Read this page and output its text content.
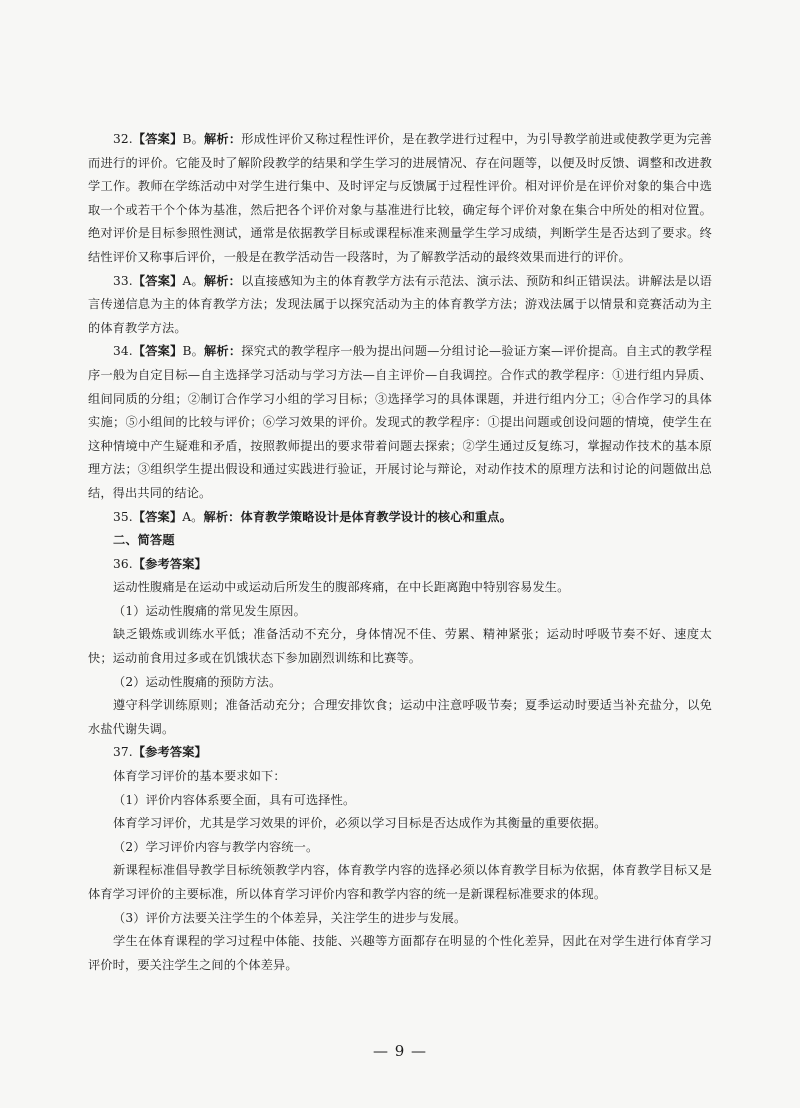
32.【答案】B。解析：形成性评价又称过程性评价，是在教学进行过程中，为引导教学前进或使教学更为完善而进行的评价。它能及时了解阶段教学的结果和学生学习的进展情况、存在问题等，以便及时反馈、调整和改进教学工作。教师在学练活动中对学生进行集中、及时评定与反馈属于过程性评价。相对评价是在评价对象的集合中选取一个或若干个个体为基准，然后把各个评价对象与基准进行比较，确定每个评价对象在集合中所处的相对位置。绝对评价是目标参照性测试，通常是依据教学目标或课程标准来测量学生学习成绩，判断学生是否达到了要求。终结性评价又称事后评价，一般是在教学活动告一段落时，为了解教学活动的最终效果而进行的评价。

33.【答案】A。解析：以直接感知为主的体育教学方法有示范法、演示法、预防和纠正错误法。讲解法是以语言传递信息为主的体育教学方法；发现法属于以探究活动为主的体育教学方法；游戏法属于以情景和竞赛活动为主的体育教学方法。

34.【答案】B。解析：探究式的教学程序一般为提出问题—分组讨论—验证方案—评价提高。自主式的教学程序一般为自定目标—自主选择学习活动与学习方法—自主评价—自我调控。合作式的教学程序：①进行组内异质、组间同质的分组；②制订合作学习小组的学习目标；③选择学习的具体课题，并进行组内分工；④合作学习的具体实施；⑤小组间的比较与评价；⑥学习效果的评价。发现式的教学程序：①提出问题或创设问题的情境，使学生在这种情境中产生疑难和矛盾，按照教师提出的要求带着问题去探索；②学生通过反复练习，掌握动作技术的基本原理方法；③组织学生提出假设和通过实践进行验证，开展讨论与辩论，对动作技术的原理方法和讨论的问题做出总结，得出共同的结论。

35.【答案】A。解析：体育教学策略设计是体育教学设计的核心和重点。

二、简答题

36.【参考答案】

运动性腹痛是在运动中或运动后所发生的腹部疼痛，在中长距离跑中特别容易发生。

（1）运动性腹痛的常见发生原因。

缺乏锻炼或训练水平低；准备活动不充分，身体情况不佳、劳累、精神紧张；运动时呼吸节奏不好、速度太快；运动前食用过多或在饥饿状态下参加剧烈训练和比赛等。

（2）运动性腹痛的预防方法。

遵守科学训练原则；准备活动充分；合理安排饮食；运动中注意呼吸节奏；夏季运动时要适当补充盐分，以免水盐代谢失调。

37.【参考答案】

体育学习评价的基本要求如下：

（1）评价内容体系要全面，具有可选择性。

体育学习评价，尤其是学习效果的评价，必须以学习目标是否达成作为其衡量的重要依据。

（2）学习评价内容与教学内容统一。

新课程标准倡导教学目标统领教学内容，体育教学内容的选择必须以体育教学目标为依据，体育教学目标又是体育学习评价的主要标准，所以体育学习评价内容和教学内容的统一是新课程标准要求的体现。

（3）评价方法要关注学生的个体差异，关注学生的进步与发展。

学生在体育课程的学习过程中体能、技能、兴趣等方面都存在明显的个性化差异，因此在对学生进行体育学习评价时，要关注学生之间的个体差异。

— 9 —
